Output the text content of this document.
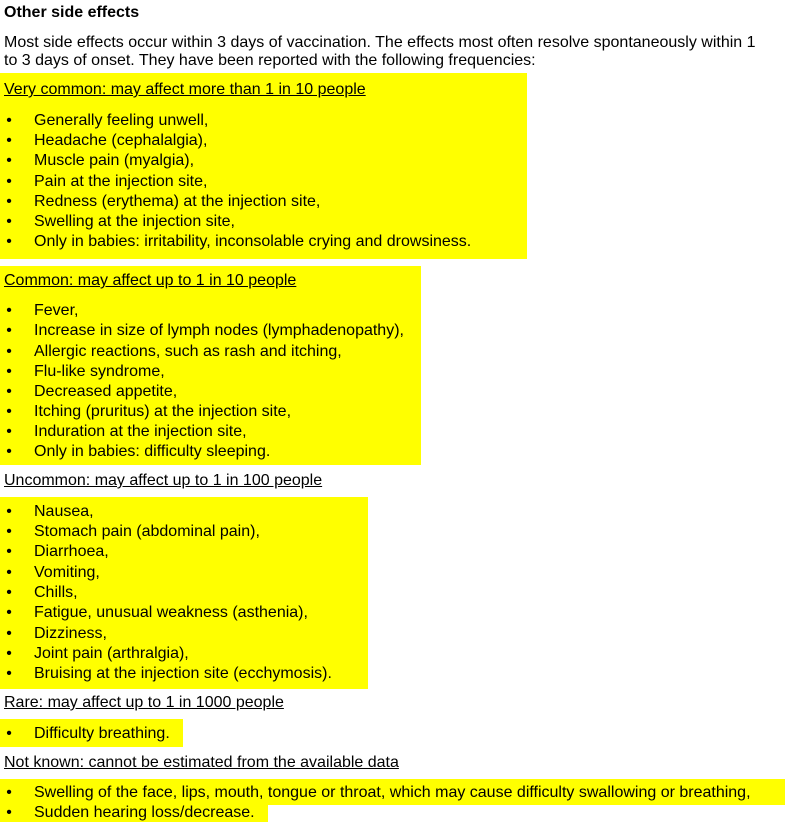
Other side effects
Most side effects occur within 3 days of vaccination. The effects most often resolve spontaneously within 1
to 3 days of onset. They have been reported with the following frequencies:
Very common: may affect more than 1 in 10 people
• Generally feeling unwell,
• Headache (cephalalgia),
• Muscle pain (myalgia),
• Pain at the injection site,
• Redness (erythema) at the injection site,
• Swelling at the injection site,
• Only in babies: irritability, inconsolable crying and drowsiness.
Common: may affect up to 1 in 10 people
• Fever,
• Increase in size of lymph nodes (lymphadenopathy),
• Allergic reactions, such as rash and itching,
• Flu-like syndrome,
• Decreased appetite,
• Itching (pruritus) at the injection site,
• Induration at the injection site,
• Only in babies: difficulty sleeping.
Uncommon: may affect up to 1 in 100 people
• Nausea,
• Stomach pain (abdominal pain),
• Diarrhoea,
• Vomiting,
• Chills,
• Fatigue, unusual weakness (asthenia),
• Dizziness,
• Joint pain (arthralgia),
• Bruising at the injection site (ecchymosis).
Rare: may affect up to 1 in 1000 people
• Difficulty breathing.
Not known: cannot be estimated from the available data
• Swelling of the face, lips, mouth, tongue or throat, which may cause difficulty swallowing or breathing,
• Sudden hearing loss/decrease.
